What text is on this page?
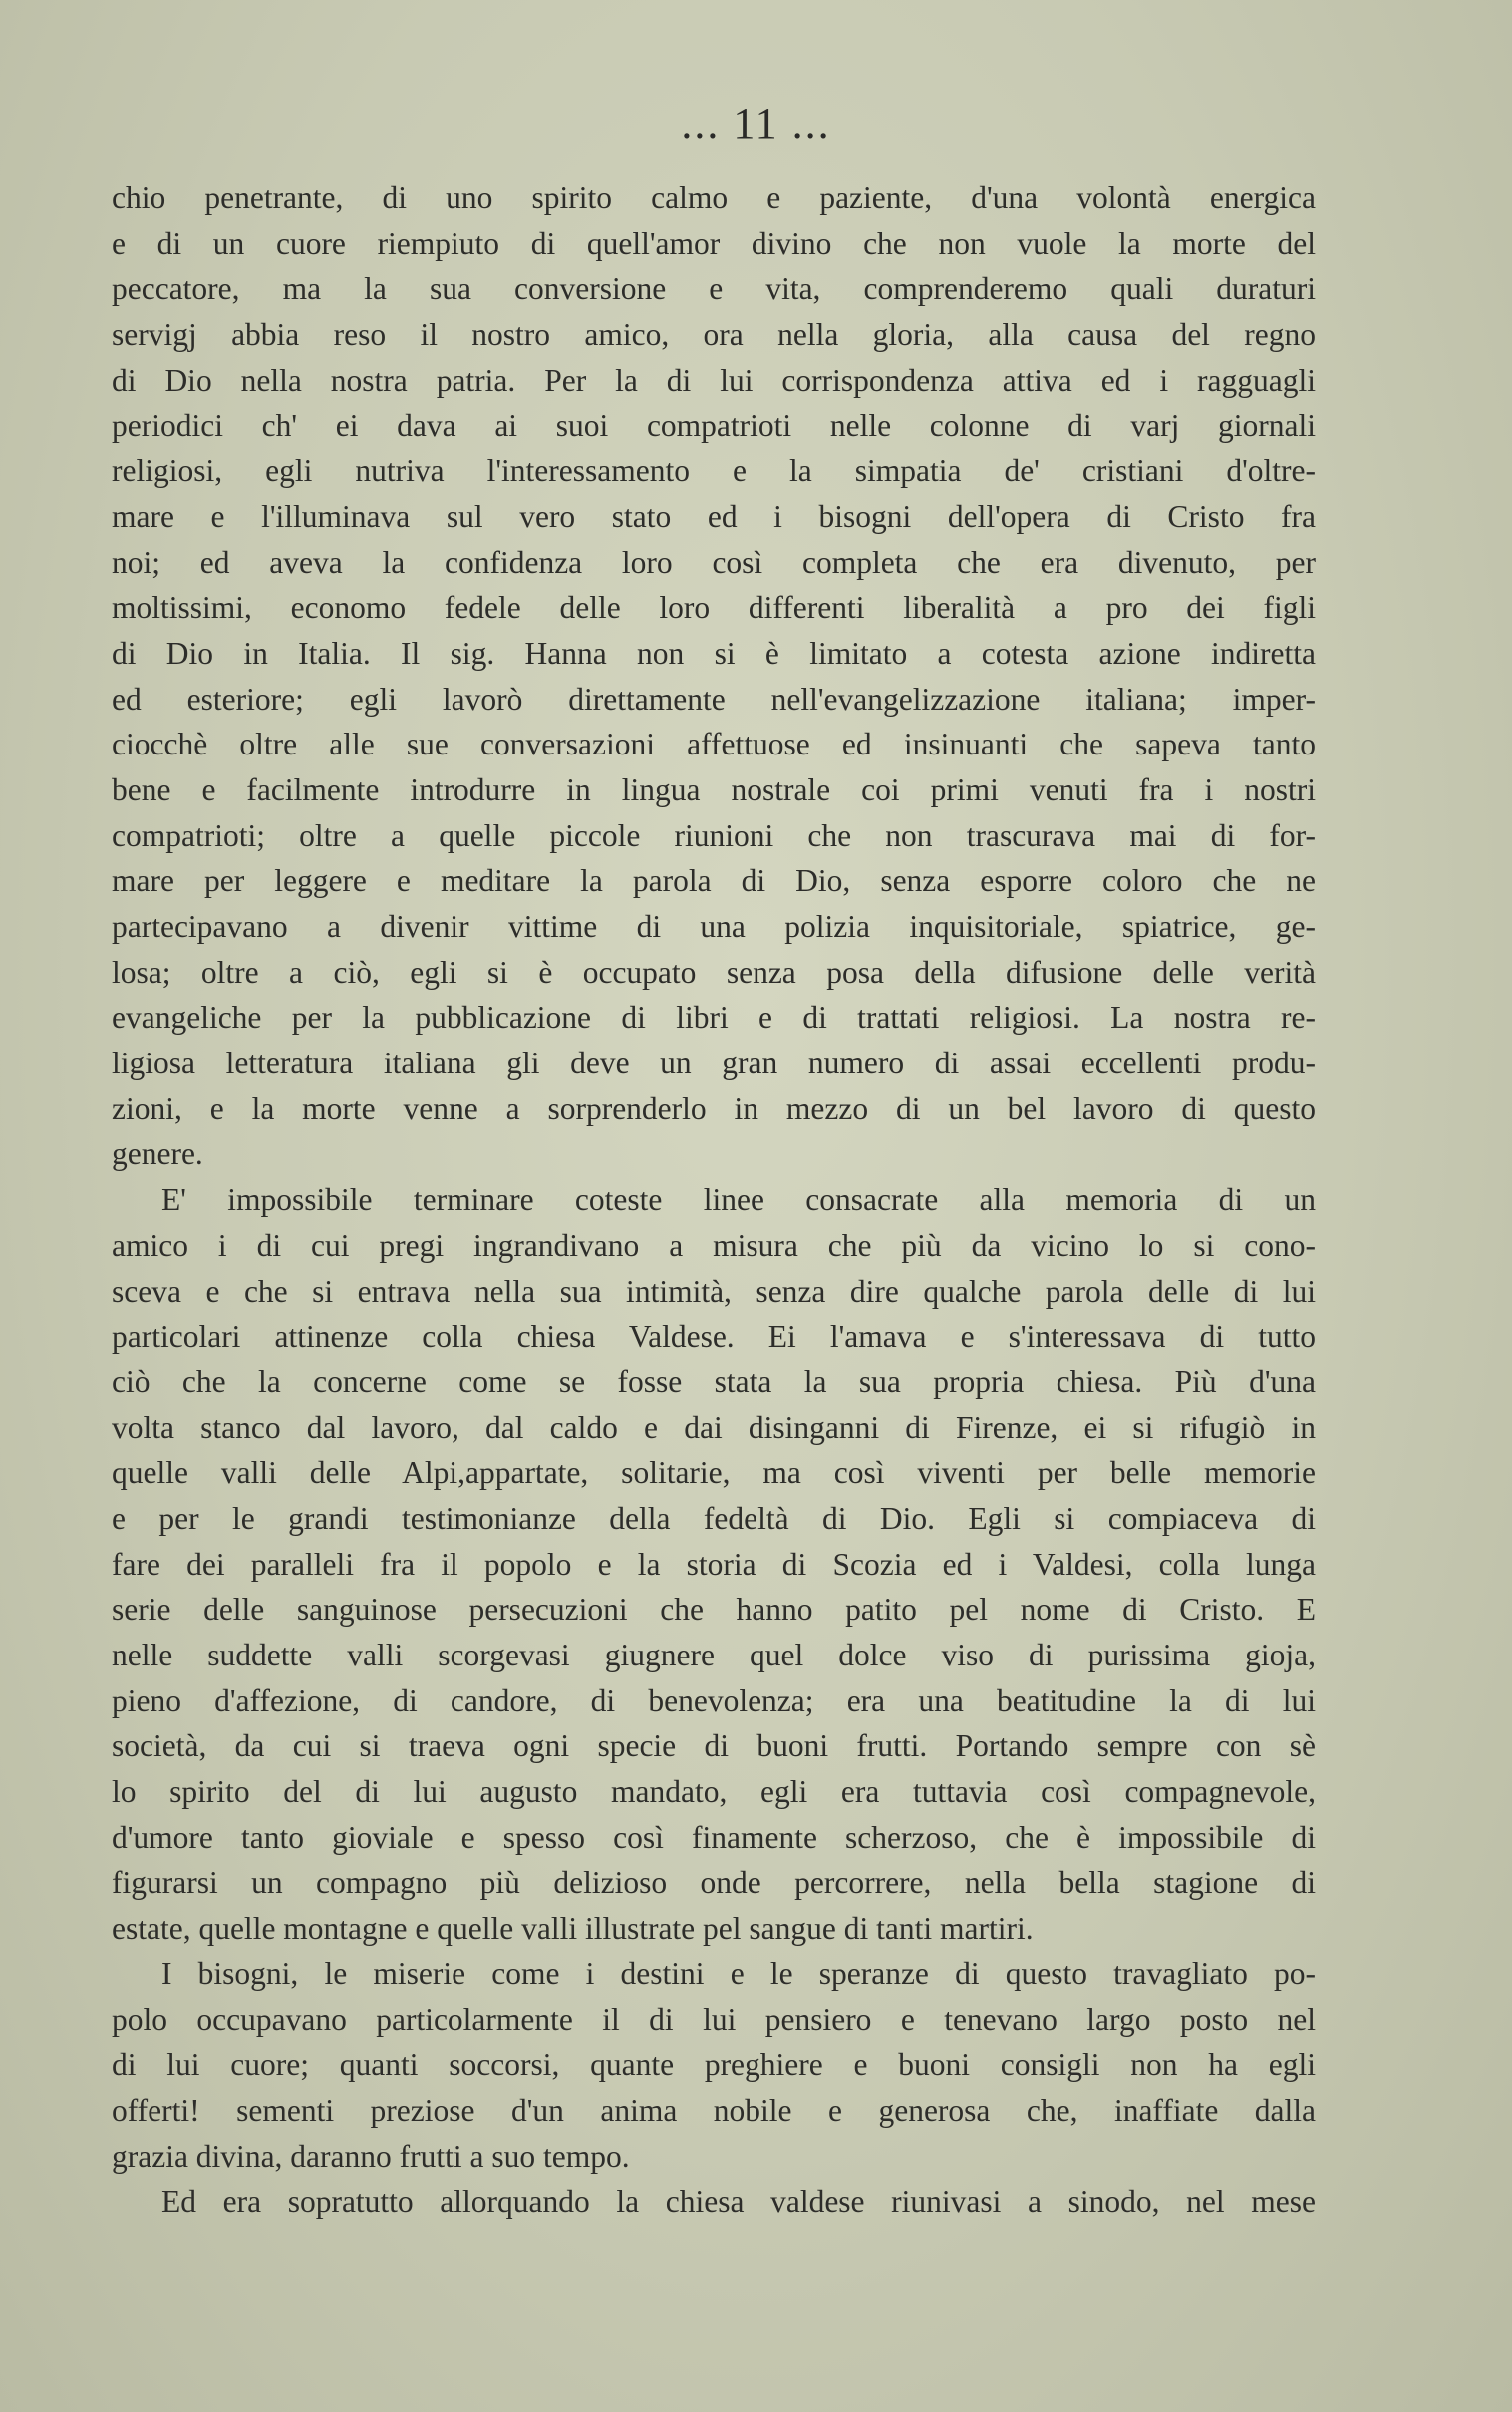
... 11 ...
chio penetrante, di uno spirito calmo e paziente, d'una volontà energica
e di un cuore riempiuto di quell'amor divino che non vuole la morte del
peccatore, ma la sua conversione e vita, comprenderemo quali duraturi
servigj abbia reso il nostro amico, ora nella gloria, alla causa del regno
di Dio nella nostra patria. Per la di lui corrispondenza attiva ed i ragguagli
periodici ch' ei dava ai suoi compatrioti nelle colonne di varj giornali
religiosi, egli nutriva l'interessamento e la simpatia de' cristiani d'oltre-
mare e l'illuminava sul vero stato ed i bisogni dell'opera di Cristo fra
noi; ed aveva la confidenza loro così completa che era divenuto, per
moltissimi, economo fedele delle loro differenti liberalità a pro dei figli
di Dio in Italia. Il sig. Hanna non si è limitato a cotesta azione indiretta
ed esteriore; egli lavorò direttamente nell'evangelizzazione italiana; imper-
ciocchè oltre alle sue conversazioni affettuose ed insinuanti che sapeva tanto
bene e facilmente introdurre in lingua nostrale coi primi venuti fra i nostri
compatrioti; oltre a quelle piccole riunioni che non trascurava mai di for-
mare per leggere e meditare la parola di Dio, senza esporre coloro che ne
partecipavano a divenir vittime di una polizia inquisitoriale, spiatrice, ge-
losa; oltre a ciò, egli si è occupato senza posa della difusione delle verità
evangeliche per la pubblicazione di libri e di trattati religiosi. La nostra re-
ligiosa letteratura italiana gli deve un gran numero di assai eccellenti produ-
zioni, e la morte venne a sorprenderlo in mezzo di un bel lavoro di questo
genere.
E' impossibile terminare coteste linee consacrate alla memoria di un
amico i di cui pregi ingrandivano a misura che più da vicino lo si cono-
sceva e che si entrava nella sua intimità, senza dire qualche parola delle di lui
particolari attinenze colla chiesa Valdese. Ei l'amava e s'interessava di tutto
ciò che la concerne come se fosse stata la sua propria chiesa. Più d'una
volta stanco dal lavoro, dal caldo e dai disinganni di Firenze, ei si rifugiò in
quelle valli delle Alpi,appartate, solitarie, ma così viventi per belle memorie
e per le grandi testimonianze della fedeltà di Dio. Egli si compiaceva di
fare dei paralleli fra il popolo e la storia di Scozia ed i Valdesi, colla lunga
serie delle sanguinose persecuzioni che hanno patito pel nome di Cristo. E
nelle suddette valli scorgevasi giugnere quel dolce viso di purissima gioja,
pieno d'affezione, di candore, di benevolenza; era una beatitudine la di lui
società, da cui si traeva ogni specie di buoni frutti. Portando sempre con sè
lo spirito del di lui augusto mandato, egli era tuttavia così compagnevole,
d'umore tanto gioviale e spesso così finamente scherzoso, che è impossibile di
figurarsi un compagno più delizioso onde percorrere, nella bella stagione di
estate, quelle montagne e quelle valli illustrate pel sangue di tanti martiri.
I bisogni, le miserie come i destini e le speranze di questo travagliato po-
polo occupavano particolarmente il di lui pensiero e tenevano largo posto nel
di lui cuore; quanti soccorsi, quante preghiere e buoni consigli non ha egli
offerti! sementi preziose d'un anima nobile e generosa che, inaffiate dalla
grazia divina, daranno frutti a suo tempo.
Ed era sopratutto allorquando la chiesa valdese riunivasi a sinodo, nel mese
